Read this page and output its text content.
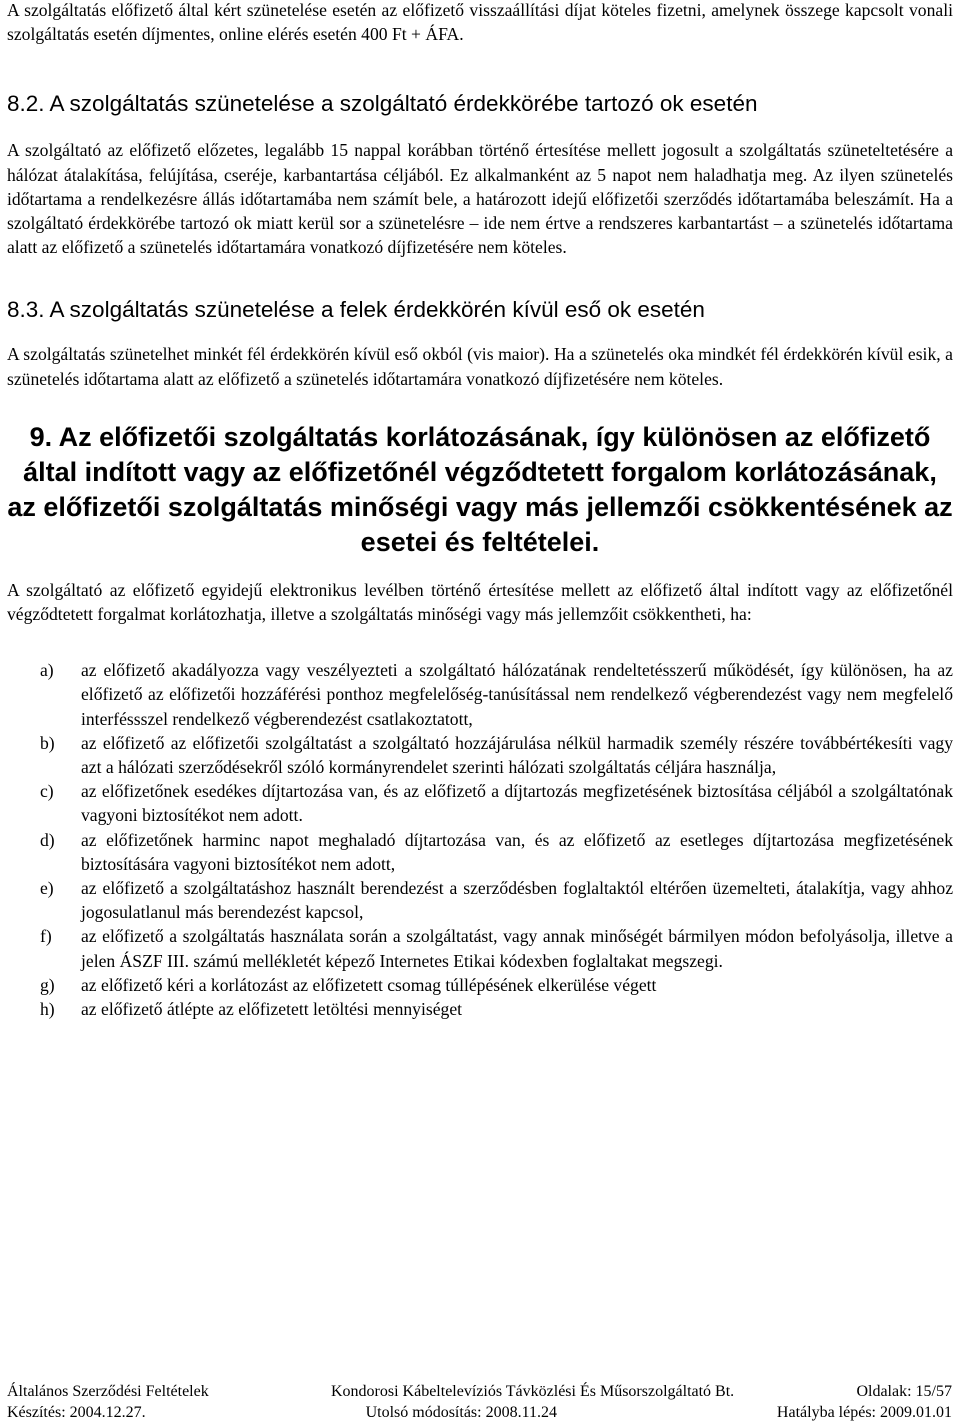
A szolgáltatás előfizető által kért szünetelése esetén az előfizető visszaállítási díjat köteles fizetni, amelynek összege kapcsolt vonali szolgáltatás esetén díjmentes, online elérés esetén 400 Ft + ÁFA.

8.2. A szolgáltatás szünetelése a szolgáltató érdekkörébe tartozó ok esetén

A szolgáltató az előfizető előzetes, legalább 15 nappal korábban történő értesítése mellett jogosult a szolgáltatás szüneteltetésére a hálózat átalakítása, felújítása, cseréje, karbantartása céljából. Ez alkalmanként az 5 napot nem haladhatja meg. Az ilyen szünetelés időtartama a rendelkezésre állás időtartamába nem számít bele, a határozott idejű előfizetői szerződés időtartamába beleszámít. Ha a szolgáltató érdekkörébe tartozó ok miatt kerül sor a szünetelésre – ide nem értve a rendszeres karbantartást – a szünetelés időtartama alatt az előfizető a szünetelés időtartamára vonatkozó díjfizetésére nem köteles.

8.3. A szolgáltatás szünetelése a felek érdekkörén kívül eső ok esetén

A szolgáltatás szünetelhet minkét fél érdekkörén kívül eső okból (vis maior). Ha a szünetelés oka mindkét fél érdekkörén kívül esik, a szünetelés időtartama alatt az előfizető a szünetelés időtartamára vonatkozó díjfizetésére nem köteles.

9. Az előfizetői szolgáltatás korlátozásának, így különösen az előfizető által indított vagy az előfizetőnél végződtetett forgalom korlátozásának, az előfizetői szolgáltatás minőségi vagy más jellemzői csökkentésének az esetei és feltételei.

A szolgáltató az előfizető egyidejű elektronikus levélben történő értesítése mellett az előfizető által indított vagy az előfizetőnél végződtetett forgalmat korlátozhatja, illetve a szolgáltatás minőségi vagy más jellemzőit csökkentheti, ha:

a)	az előfizető akadályozza vagy veszélyezteti a szolgáltató hálózatának rendeltetésszerű működését, így különösen, ha az előfizető az előfizetői hozzáférési ponthoz megfelelőség-tanúsítással nem rendelkező végberendezést vagy nem megfelelő interféssszel rendelkező végberendezést csatlakoztatott,
b)	az előfizető az előfizetői szolgáltatást a szolgáltató hozzájárulása nélkül harmadik személy részére továbbértékesíti vagy azt a hálózati szerződésekről szóló kormányrendelet szerinti hálózati szolgáltatás céljára használja,
c)	az előfizetőnek esedékes díjtartozása van, és az előfizető a díjtartozás megfizetésének biztosítása céljából a szolgáltatónak vagyoni biztosítékot nem adott.
d)	az előfizetőnek harminc napot meghaladó díjtartozása van, és az előfizető az esetleges díjtartozása megfizetésének biztosítására vagyoni biztosítékot nem adott,
e)	az előfizető a szolgáltatáshoz használt berendezést a szerződésben foglaltaktól eltérően üzemelteti, átalakítja, vagy ahhoz jogosulatlanul más berendezést kapcsol,
f)	az előfizető a szolgáltatás használata során a szolgáltatást, vagy annak minőségét bármilyen módon befolyásolja, illetve a jelen ÁSZF III. számú mellékletét képező Internetes Etikai kódexben foglaltakat megszegi.
g)	az előfizető kéri a korlátozást az előfizetett csomag túllépésének elkerülése végett
h)	az előfizető átlépte az előfizetett letöltési mennyiséget
Általános Szerződési Feltételek	Kondorosi Kábeltelevíziós Távközlési És Műsorszolgáltató Bt.	Oldalak: 15/57
Készítés: 2004.12.27.	Utolsó módosítás: 2008.11.24	Hatályba lépés: 2009.01.01
